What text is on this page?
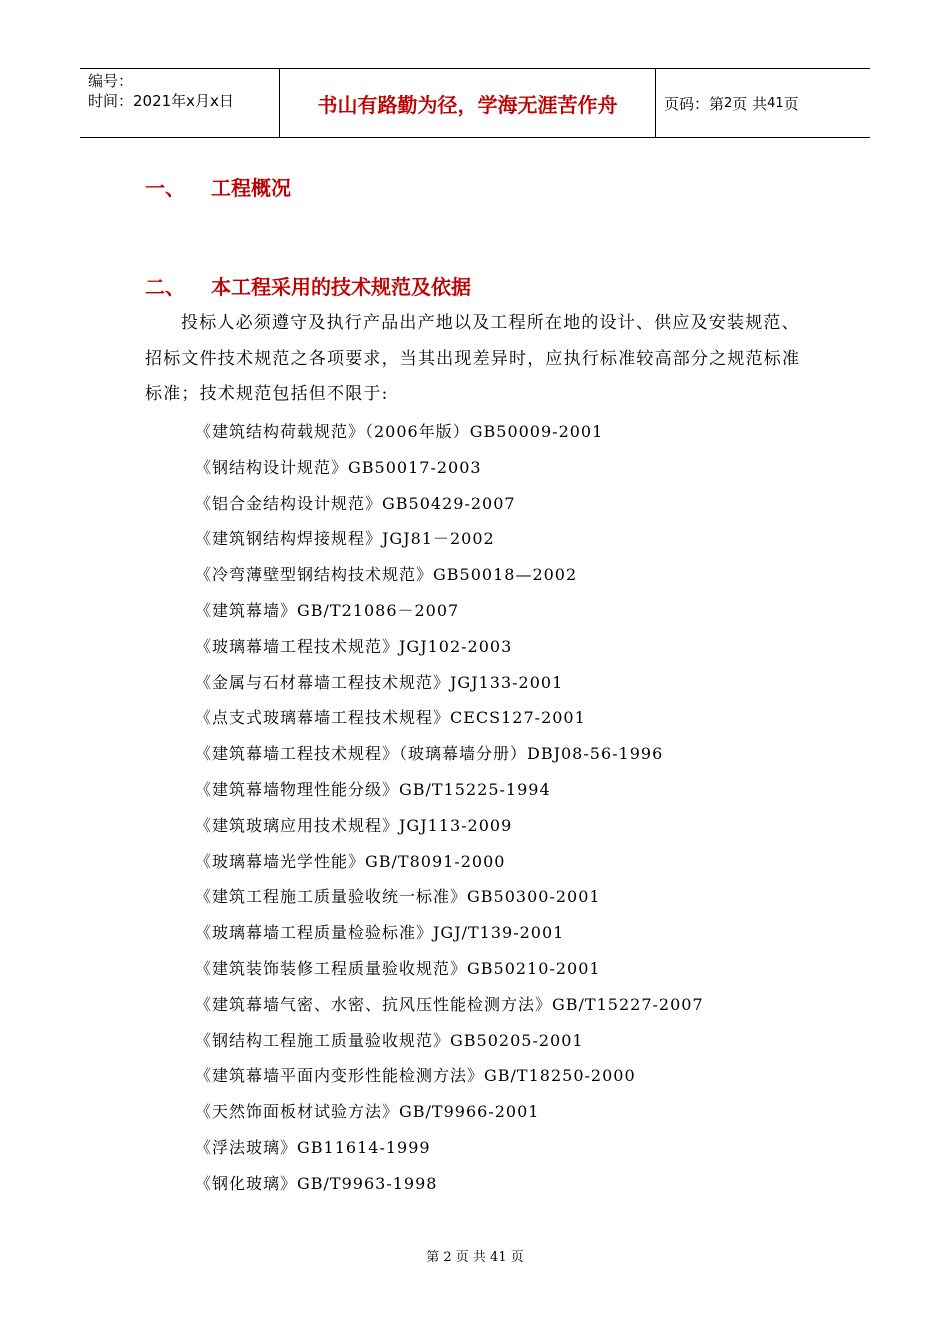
编号：
时间：2021年x月x日	书山有路勤为径，学海无涯苦作舟	页码：第 2 页 共 41 页
一、 工程概况
二、 本工程采用的技术规范及依据
投标人必须遵守及执行产品出产地以及工程所在地的设计、供应及安装规范、招标文件技术规范之各项要求，当其出现差异时，应执行标准较高部分之规范标准标准；技术规范包括但不限于:
《建筑结构荷载规范》（2006年版）GB50009-2001
《钢结构设计规范》GB50017-2003
《铝合金结构设计规范》GB50429-2007
《建筑钢结构焊接规程》JGJ81－2002
《冷弯薄壁型钢结构技术规范》GB50018—2002
《建筑幕墙》GB/T21086－2007
《玻璃幕墙工程技术规范》JGJ102-2003
《金属与石材幕墙工程技术规范》JGJ133-2001
《点支式玻璃幕墙工程技术规程》CECS127-2001
《建筑幕墙工程技术规程》（玻璃幕墙分册）DBJ08-56-1996
《建筑幕墙物理性能分级》GB/T15225-1994
《建筑玻璃应用技术规程》JGJ113-2009
《玻璃幕墙光学性能》GB/T8091-2000
《建筑工程施工质量验收统一标准》GB50300-2001
《玻璃幕墙工程质量检验标准》JGJ/T139-2001
《建筑装饰装修工程质量验收规范》GB50210-2001
《建筑幕墙气密、水密、抗风压性能检测方法》GB/T15227-2007
《钢结构工程施工质量验收规范》GB50205-2001
《建筑幕墙平面内变形性能检测方法》GB/T18250-2000
《天然饰面板材试验方法》GB/T9966-2001
《浮法玻璃》GB11614-1999
《钢化玻璃》GB/T9963-1998
第 2 页 共 41 页
